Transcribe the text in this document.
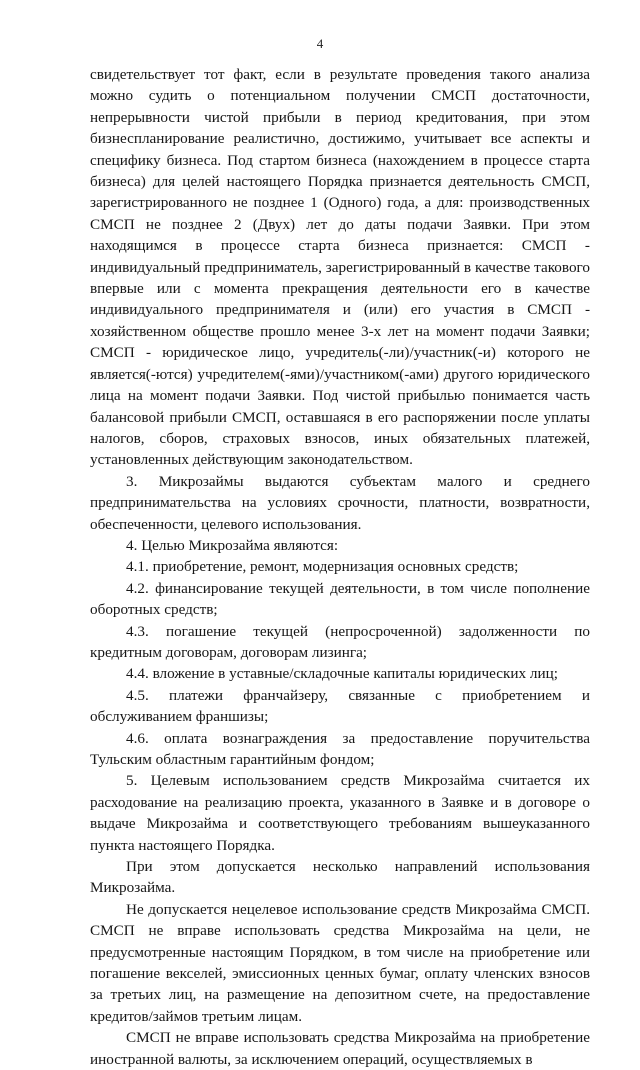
4

свидетельствует тот факт, если в результате проведения такого анализа можно судить о потенциальном получении СМСП достаточности, непрерывности чистой прибыли в период кредитования, при этом бизнеспланирование реалистично, достижимо, учитывает все аспекты и специфику бизнеса. Под стартом бизнеса (нахождением в процессе старта бизнеса) для целей настоящего Порядка признается деятельность СМСП, зарегистрированного не позднее 1 (Одного) года, а для: производственных СМСП не позднее 2 (Двух) лет до даты подачи Заявки. При этом находящимся в процессе старта бизнеса признается: СМСП - индивидуальный предприниматель, зарегистрированный в качестве такового впервые или с момента прекращения деятельности его в качестве индивидуального предпринимателя и (или) его участия в СМСП - хозяйственном обществе прошло менее 3-х лет на момент подачи Заявки; СМСП - юридическое лицо, учредитель(-ли)/участник(-и) которого не является(-ются) учредителем(-ями)/участником(-ами) другого юридического лица на момент подачи Заявки. Под чистой прибылью понимается часть балансовой прибыли СМСП, оставшаяся в его распоряжении после уплаты налогов, сборов, страховых взносов, иных обязательных платежей, установленных действующим законодательством.

3. Микрозаймы выдаются субъектам малого и среднего предпринимательства на условиях срочности, платности, возвратности, обеспеченности, целевого использования.

4. Целью Микрозайма являются:

4.1. приобретение, ремонт, модернизация основных средств;

4.2. финансирование текущей деятельности, в том числе пополнение оборотных средств;

4.3. погашение текущей (непросроченной) задолженности по кредитным договорам, договорам лизинга;

4.4. вложение в уставные/складочные капиталы юридических лиц;

4.5. платежи франчайзеру, связанные с приобретением и обслуживанием франшизы;

4.6. оплата вознаграждения за предоставление поручительства Тульским областным гарантийным фондом;

5. Целевым использованием средств Микрозайма считается их расходование на реализацию проекта, указанного в Заявке и в договоре о выдаче Микрозайма и соответствующего требованиям вышеуказанного пункта настоящего Порядка.

При этом допускается несколько направлений использования Микрозайма.

Не допускается нецелевое использование средств Микрозайма СМСП. СМСП не вправе использовать средства Микрозайма на цели, не предусмотренные настоящим Порядком, в том числе на приобретение или погашение векселей, эмиссионных ценных бумаг, оплату членских взносов за третьих лиц, на размещение на депозитном счете, на предоставление кредитов/займов третьим лицам.

СМСП не вправе использовать средства Микрозайма на приобретение иностранной валюты, за исключением операций, осуществляемых в
